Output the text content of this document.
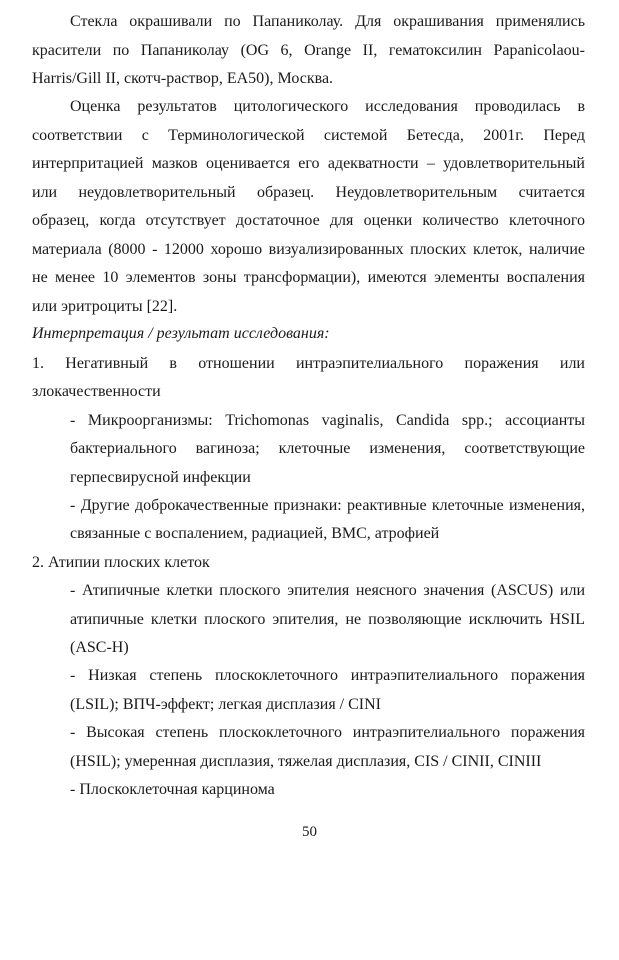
Стекла окрашивали по Папаниколау. Для окрашивания применялись
красители по Папаниколау (OG 6, Orange II, гематоксилин Papanicolaou-
Harris/Gill II, скотч-раствор, EA50), Москва.
Оценка результатов цитологического исследования проводилась в
соответствии с Терминологической системой Бетесда, 2001г. Перед
интерпритацией мазков оценивается его адекватности – удовлетворительный
или неудовлетворительный образец. Неудовлетворительным считается
образец, когда отсутствует достаточное для оценки количество клеточного
материала (8000 - 12000 хорошо визуализированных плоских клеток, наличие
не менее 10 элементов зоны трансформации), имеются элементы воспаления
или эритроциты [22].
Интерпретация / результат исследования:
1. Негативный в отношении интраэпителиального поражения или
злокачественности
- Микроорганизмы: Trichomonas vaginalis, Candida spp.; ассоцианты
бактериального вагиноза; клеточные изменения, соответствующие
герпесвирусной инфекции
- Другие доброкачественные признаки: реактивные клеточные изменения,
связанные с воспалением, радиацией, ВМС, атрофией
2. Атипии плоских клеток
- Атипичные клетки плоского эпителия неясного значения (ASCUS) или
атипичные клетки плоского эпителия, не позволяющие исключить HSIL
(ASC-H)
- Низкая степень плоскоклеточного интраэпителиального поражения
(LSIL); ВПЧ-эффект; легкая дисплазия / CINI
- Высокая степень плоскоклеточного интраэпителиального поражения
(HSIL); умеренная дисплазия, тяжелая дисплазия, CIS / CINII, CINIII
- Плоскоклеточная карцинома
50
